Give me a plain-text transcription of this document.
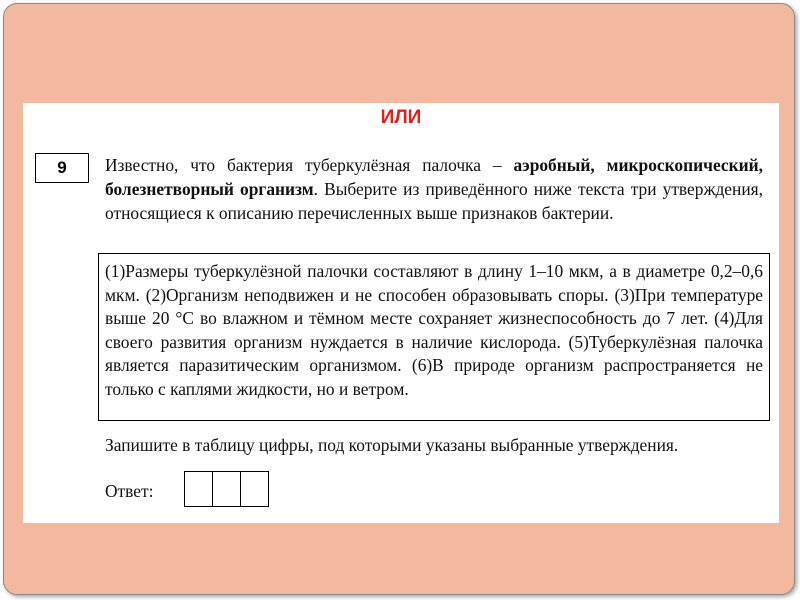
ИЛИ
9	Известно, что бактерия туберкулёзная палочка – аэробный, микроскопический, болезнетворный организм. Выберите из приведённого ниже текста три утверждения, относящиеся к описанию перечисленных выше признаков бактерии.
(1)Размеры туберкулёзной палочки составляют в длину 1–10 мкм, а в диаметре 0,2–0,6 мкм. (2)Организм неподвижен и не способен образовывать споры. (3)При температуре выше 20 °С во влажном и тёмном месте сохраняет жизнеспособность до 7 лет. (4)Для своего развития организм нуждается в наличие кислорода. (5)Туберкулёзная палочка является паразитическим организмом. (6)В природе организм распространяется не только с каплями жидкости, но и ветром.
Запишите в таблицу цифры, под которыми указаны выбранные утверждения.
Ответ:
